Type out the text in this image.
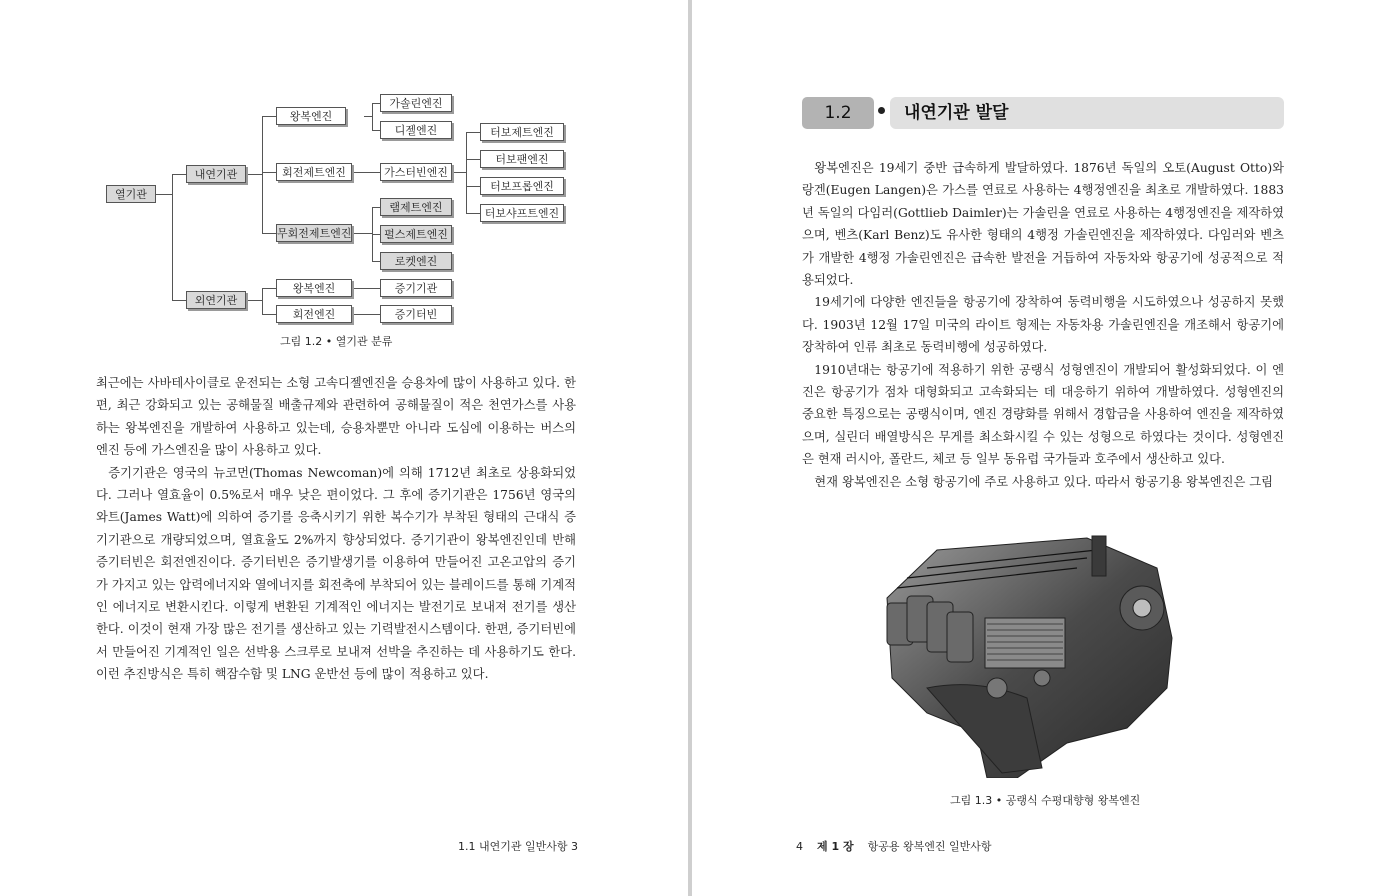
열기관
내연기관
외연기관
왕복엔진
회전제트엔진
무회전제트엔진
왕복엔진
회전엔진
가솔린엔진
디젤엔진
가스터빈엔진
램제트엔진
펄스제트엔진
로켓엔진
증기기관
증기터빈
터보제트엔진
터보팬엔진
터보프롭엔진
터보샤프트엔진
그림 1.2 • 열기관 분류

최근에는 사바테사이클로 운전되는 소형 고속디젤엔진을 승용차에 많이 사용하고 있다. 한편, 최근 강화되고 있는 공해물질 배출규제와 관련하여 공해물질이 적은 천연가스를 사용하는 왕복엔진을 개발하여 사용하고 있는데, 승용차뿐만 아니라 도심에 이용하는 버스의 엔진 등에 가스엔진을 많이 사용하고 있다.

증기기관은 영국의 뉴코먼(Thomas Newcoman)에 의해 1712년 최초로 상용화되었다. 그러나 열효율이 0.5%로서 매우 낮은 편이었다. 그 후에 증기기관은 1756년 영국의 와트(James Watt)에 의하여 증기를 응축시키기 위한 복수기가 부착된 형태의 근대식 증기기관으로 개량되었으며, 열효율도 2%까지 향상되었다. 증기기관이 왕복엔진인데 반해 증기터빈은 회전엔진이다. 증기터빈은 증기발생기를 이용하여 만들어진 고온고압의 증기가 가지고 있는 압력에너지와 열에너지를 회전축에 부착되어 있는 블레이드를 통해 기계적인 에너지로 변환시킨다. 이렇게 변환된 기계적인 에너지는 발전기로 보내져 전기를 생산한다. 이것이 현재 가장 많은 전기를 생산하고 있는 기력발전시스템이다. 한편, 증기터빈에서 만들어진 기계적인 일은 선박용 스크루로 보내져 선박을 추진하는 데 사용하기도 한다. 이런 추진방식은 특히 핵잠수함 및 LNG 운반선 등에 많이 적용하고 있다.

1.1 내연기관 일반사항 3
1.2	내연기관 발달

왕복엔진은 19세기 중반 급속하게 발달하였다. 1876년 독일의 오토(August Otto)와 랑겐(Eugen Langen)은 가스를 연료로 사용하는 4행정엔진을 최초로 개발하였다. 1883년 독일의 다임러(Gottlieb Daimler)는 가솔린을 연료로 사용하는 4행정엔진을 제작하였으며, 벤츠(Karl Benz)도 유사한 형태의 4행정 가솔린엔진을 제작하였다. 다임러와 벤츠가 개발한 4행정 가솔린엔진은 급속한 발전을 거듭하여 자동차와 항공기에 성공적으로 적용되었다.

19세기에 다양한 엔진들을 항공기에 장착하여 동력비행을 시도하였으나 성공하지 못했다. 1903년 12월 17일 미국의 라이트 형제는 자동차용 가솔린엔진을 개조해서 항공기에 장착하여 인류 최초로 동력비행에 성공하였다.

1910년대는 항공기에 적용하기 위한 공랭식 성형엔진이 개발되어 활성화되었다. 이 엔진은 항공기가 점차 대형화되고 고속화되는 데 대응하기 위하여 개발하였다. 성형엔진의 중요한 특징으로는 공랭식이며, 엔진 경량화를 위해서 경합금을 사용하여 엔진을 제작하였으며, 실린더 배열방식은 무게를 최소화시킬 수 있는 성형으로 하였다는 것이다. 성형엔진은 현재 러시아, 폴란드, 체코 등 일부 동유럽 국가들과 호주에서 생산하고 있다.

현재 왕복엔진은 소형 항공기에 주로 사용하고 있다. 따라서 항공기용 왕복엔진은 그림

그림 1.3 • 공랭식 수평대향형 왕복엔진
4 제 1 장 항공용 왕복엔진 일반사항
